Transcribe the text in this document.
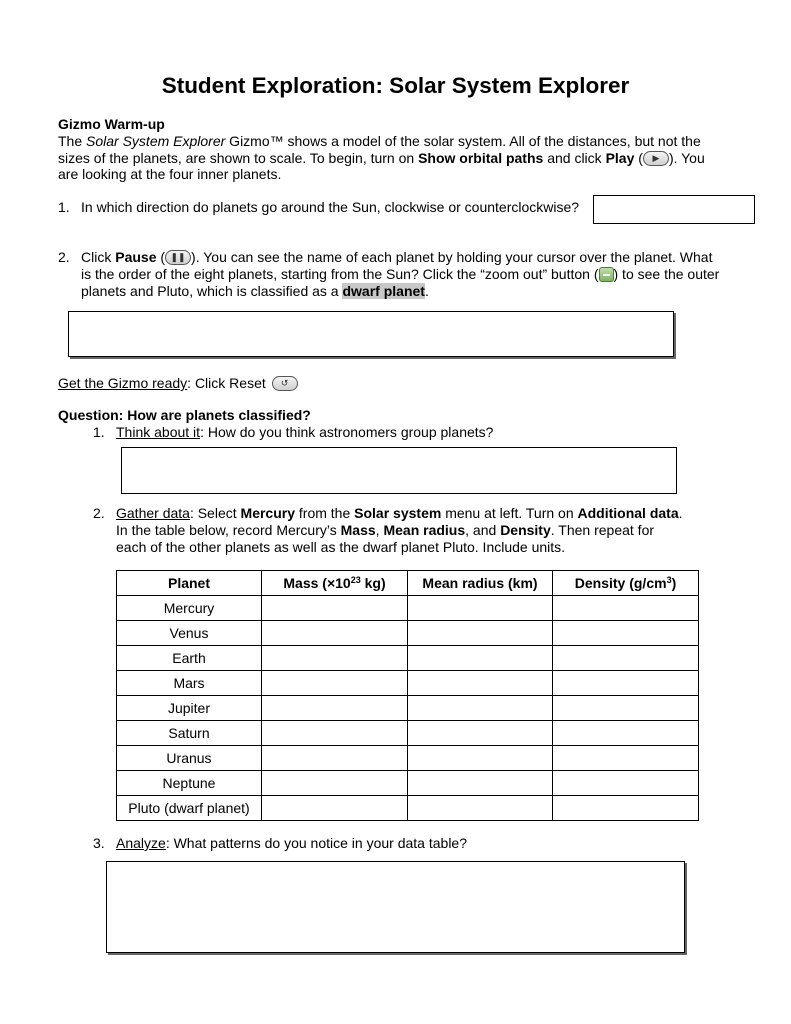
Student Exploration: Solar System Explorer
Gizmo Warm-up
The Solar System Explorer Gizmo™ shows a model of the solar system. All of the distances, but not the
sizes of the planets, are shown to scale. To begin, turn on Show orbital paths and click Play (	▶ ). You
are looking at the four inner planets.
1. In which direction do planets go around the Sun, clockwise or counterclockwise?
2. Click Pause ( ❚❚ ). You can see the name of each planet by holding your cursor over the planet. What
is the order of the eight planets, starting from the Sun? Click the “zoom out” button ( ) to see the outer
planets and Pluto, which is classified as a dwarf planet.
Get the Gizmo ready: Click Reset	↺
Question: How are planets classified?
1. Think about it: How do you think astronomers group planets?
2. Gather data: Select Mercury from the Solar system menu at left. Turn on Additional data.
In the table below, record Mercury’s Mass, Mean radius, and Density. Then repeat for
each of the other planets as well as the dwarf planet Pluto. Include units.
Planet	Mass ($\times 10^{23}$ kg)	Mean radius (km)	Density $(g/cm^3)$
Mercury			
Venus			
Earth			
Mars			
Jupiter			
Saturn			
Uranus			
Neptune			
Pluto (dwarf planet)			
3. Analyze: What patterns do you notice in your data table?
